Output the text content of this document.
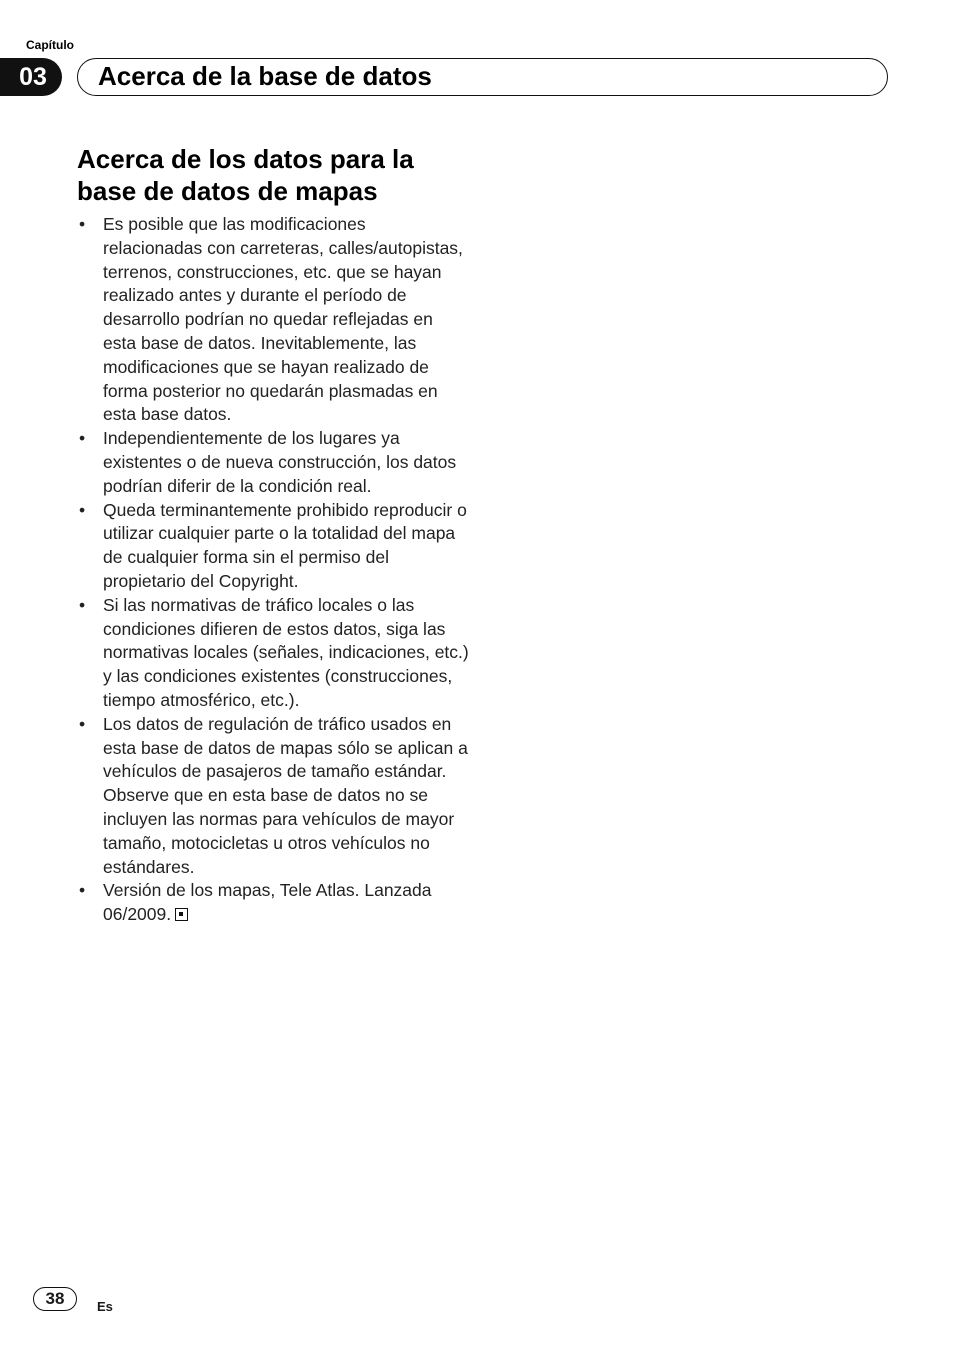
Capítulo
03	Acerca de la base de datos
Acerca de los datos para la
base de datos de mapas
• Es posible que las modificaciones relacionadas con carreteras, calles/autopistas, terrenos, construcciones, etc. que se hayan realizado antes y durante el período de desarrollo podrían no quedar reflejadas en esta base de datos. Inevitablemente, las modificaciones que se hayan realizado de forma posterior no quedarán plasmadas en esta base datos.
• Independientemente de los lugares ya existentes o de nueva construcción, los datos podrían diferir de la condición real.
• Queda terminantemente prohibido reproducir o utilizar cualquier parte o la totalidad del mapa de cualquier forma sin el permiso del propietario del Copyright.
• Si las normativas de tráfico locales o las condiciones difieren de estos datos, siga las normativas locales (señales, indicaciones, etc.) y las condiciones existentes (construcciones, tiempo atmosférico, etc.).
• Los datos de regulación de tráfico usados en esta base de datos de mapas sólo se aplican a vehículos de pasajeros de tamaño estándar. Observe que en esta base de datos no se incluyen las normas para vehículos de mayor tamaño, motocicletas u otros vehículos no estándares.
• Versión de los mapas, Tele Atlas. Lanzada 06/2009.
38	Es
